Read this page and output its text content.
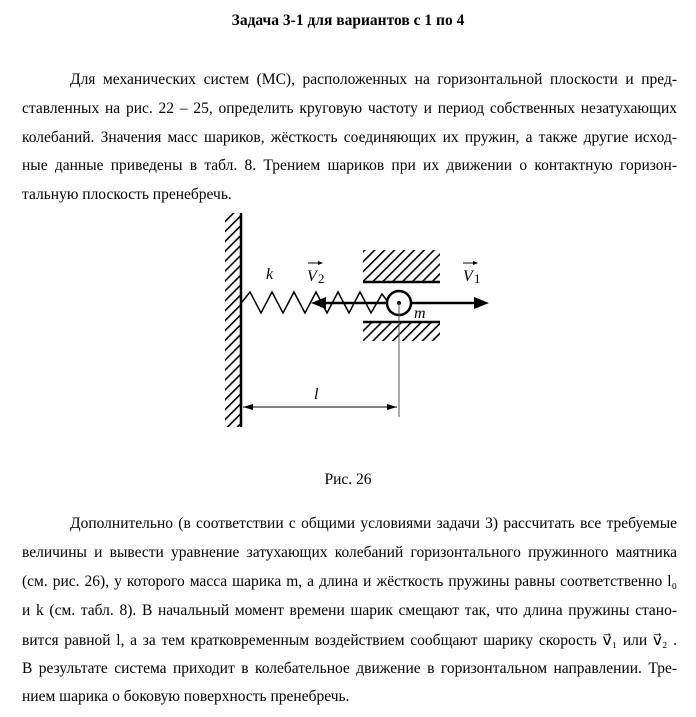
Задача 3-1 для вариантов с 1 по 4
Для механических систем (МС), расположенных на горизонтальной плоскости и пред-
ставленных на рис. 22 – 25, определить круговую частоту и период собственных незатухающих
колебаний. Значения масс шариков, жёсткость соединяющих их пружин, а также другие исход-
ные данные приведены в табл. 8. Трением шариков при их движении о контактную горизон-
тальную плоскость пренебречь.
k V 2	V 1
m
l
Рис. 26
Дополнительно (в соответствии с общими условиями задачи 3) рассчитать все требуемые
величины и вывести уравнение затухающих колебаний горизонтального пружинного маятника
(см. рис. 26), у которого масса шарика m, а длина и жёсткость пружины равны соответственно l₀
и k (см. табл. 8). В начальный момент времени шарик смещают так, что длина пружины стано-
вится равной l, а за тем кратковременным воздействием сообщают шарику скорость v⃗₁ или v⃗₂ .
В результате система приходит в колебательное движение в горизонтальном направлении. Тре-
нием шарика о боковую поверхность пренебречь.
